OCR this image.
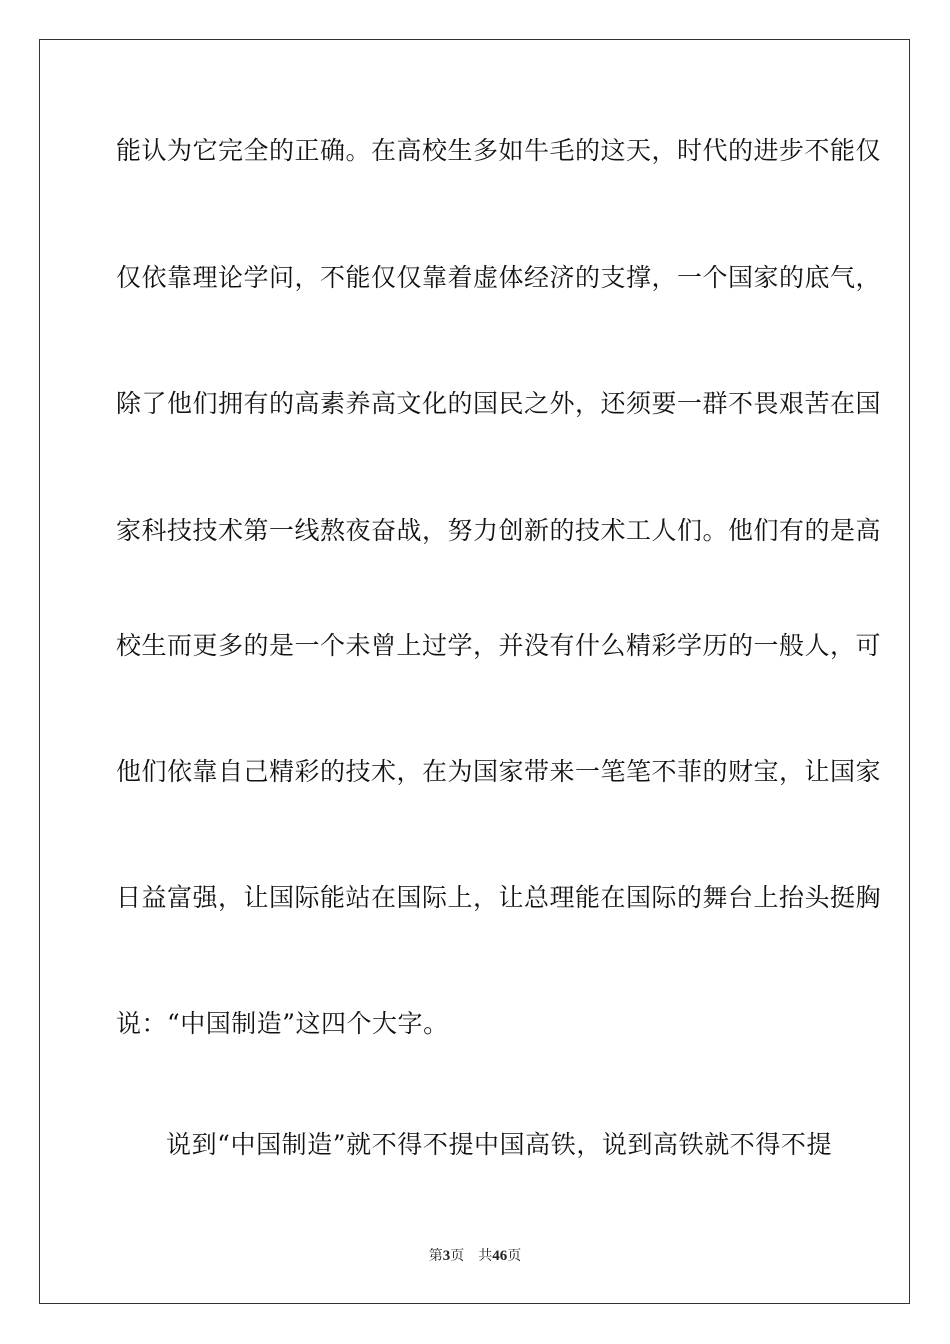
能认为它完全的正确。在高校生多如牛毛的这天，时代的进步不能仅
仅依靠理论学问，不能仅仅靠着虚体经济的支撑，一个国家的底气，
除了他们拥有的高素养高文化的国民之外，还须要一群不畏艰苦在国
家科技技术第一线熬夜奋战，努力创新的技术工人们。他们有的是高
校生而更多的是一个未曾上过学，并没有什么精彩学历的一般人，可
他们依靠自己精彩的技术，在为国家带来一笔笔不菲的财宝，让国家
日益富强，让国际能站在国际上，让总理能在国际的舞台上抬头挺胸
说：“中国制造”这四个大字。
说到“中国制造”就不得不提中国高铁，说到高铁就不得不提
第3页 共46页
